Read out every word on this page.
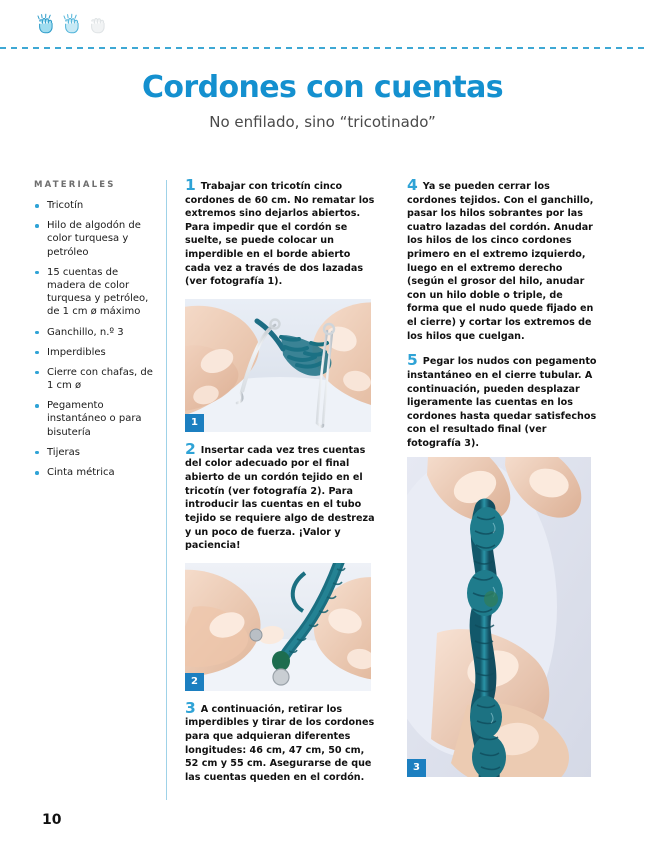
Cordones con cuentas

No enfilado, sino “tricotinado”

MATERIALES
Tricotín
Hilo de algodón de color turquesa y petróleo
15 cuentas de madera de color turquesa y petróleo, de 1 cm ø máximo
Ganchillo, n.º 3
Imperdibles
Cierre con chafas, de 1 cm ø
Pegamento instantáneo o para bisutería
Tijeras
Cinta métrica

1 Trabajar con tricotín cinco cordones de 60 cm. No rematar los extremos sino dejarlos abiertos. Para impedir que el cordón se suelte, se puede colocar un imperdible en el borde abierto cada vez a través de dos lazadas (ver fotografía 1).

1

2 Insertar cada vez tres cuentas del color adecuado por el final abierto de un cordón tejido en el tricotín (ver fotografía 2). Para introducir las cuentas en el tubo tejido se requiere algo de destreza y un poco de fuerza. ¡Valor y paciencia!

2

3 A continuación, retirar los imperdibles y tirar de los cordones para que adquieran diferentes longitudes: 46 cm, 47 cm, 50 cm, 52 cm y 55 cm. Asegurarse de que las cuentas queden en el cordón.

4 Ya se pueden cerrar los cordones tejidos. Con el ganchillo, pasar los hilos sobrantes por las cuatro lazadas del cordón. Anudar los hilos de los cinco cordones primero en el extremo izquierdo, luego en el extremo derecho (según el grosor del hilo, anudar con un hilo doble o triple, de forma que el nudo quede fijado en el cierre) y cortar los extremos de los hilos que cuelgan.

5 Pegar los nudos con pegamento instantáneo en el cierre tubular. A continuación, pueden desplazar ligeramente las cuentas en los cordones hasta quedar satisfechos con el resultado final (ver fotografía 3).

3
10
